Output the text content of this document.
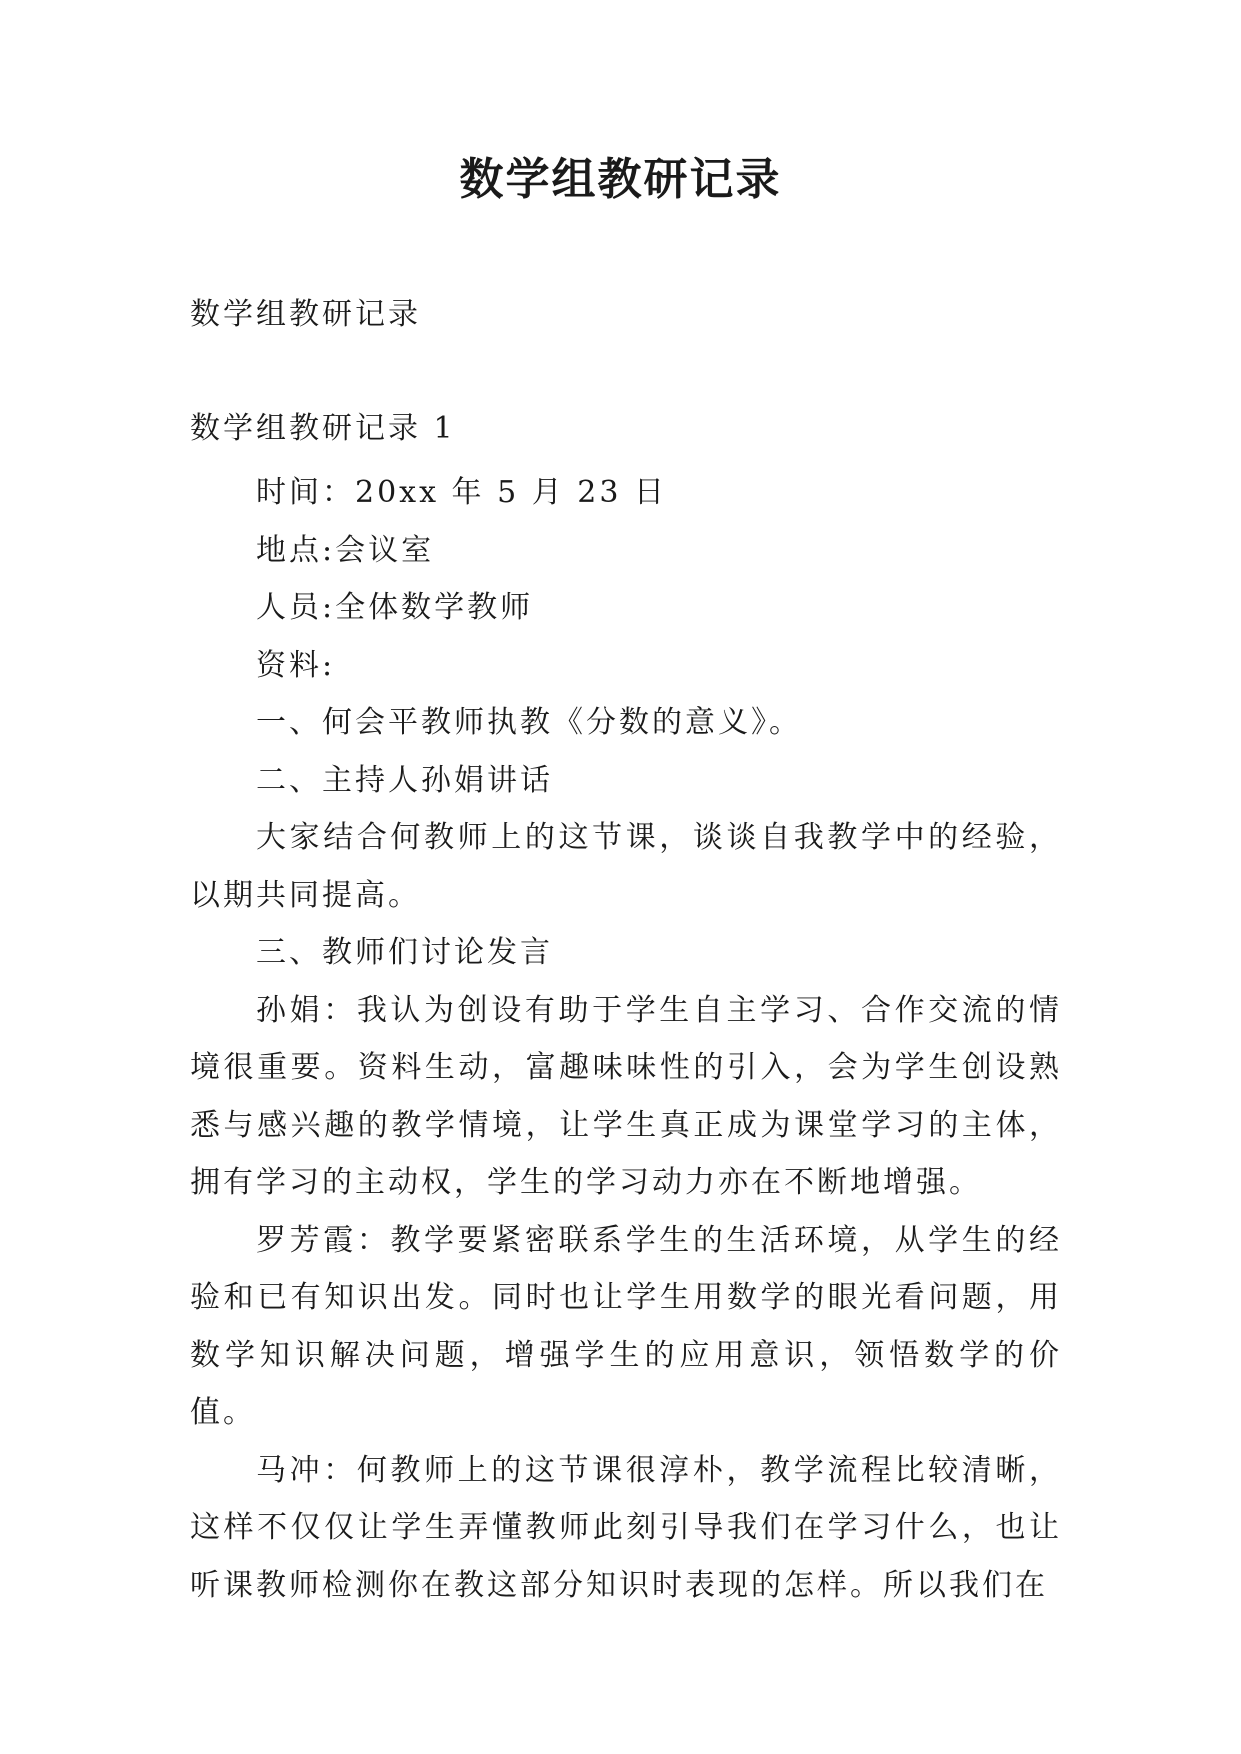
数学组教研记录
数学组教研记录
数学组教研记录 1

时间：20xx 年 5 月 23 日

地点:会议室

人员:全体数学教师

资料:

一、何会平教师执教《分数的意义》。

二、主持人孙娟讲话

大家结合何教师上的这节课，谈谈自我教学中的经验，以期共同提高。

三、教师们讨论发言

孙娟：我认为创设有助于学生自主学习、合作交流的情境很重要。资料生动，富趣味味性的引入，会为学生创设熟悉与感兴趣的教学情境，让学生真正成为课堂学习的主体，拥有学习的主动权，学生的学习动力亦在不断地增强。

罗芳霞：教学要紧密联系学生的生活环境，从学生的经验和已有知识出发。同时也让学生用数学的眼光看问题，用数学知识解决问题，增强学生的应用意识，领悟数学的价值。

马冲：何教师上的这节课很淳朴，教学流程比较清晰，这样不仅仅让学生弄懂教师此刻引导我们在学习什么，也让听课教师检测你在教这部分知识时表现的怎样。所以我们在
